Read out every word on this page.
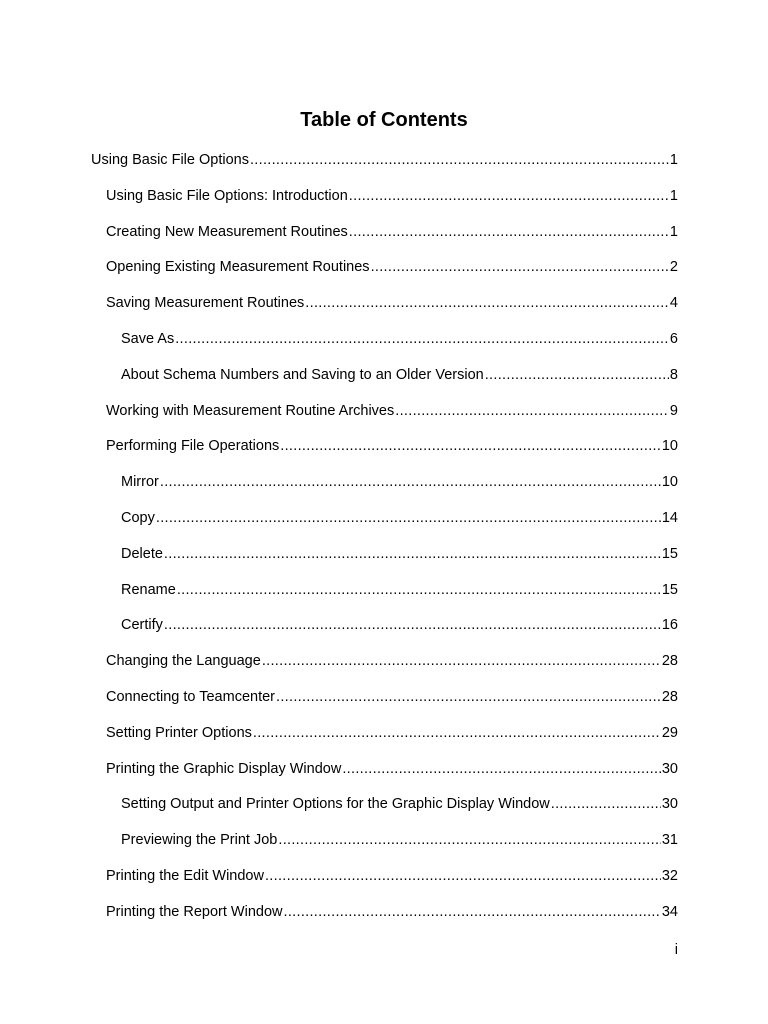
Table of Contents
Using Basic File Options .....	1
Using Basic File Options: Introduction .....	1
Creating New Measurement Routines .....	1
Opening Existing Measurement Routines .....	2
Saving Measurement Routines .....	4
Save As .....	6
About Schema Numbers and Saving to an Older Version .....	8
Working with Measurement Routine Archives .....	9
Performing File Operations .....	10
Mirror .....	10
Copy .....	14
Delete .....	15
Rename .....	15
Certify .....	16
Changing the Language .....	28
Connecting to Teamcenter .....	28
Setting Printer Options .....	29
Printing the Graphic Display Window .....	30
Setting Output and Printer Options for the Graphic Display Window .....	30
Previewing the Print Job .....	31
Printing the Edit Window .....	32
Printing the Report Window .....	34
i
